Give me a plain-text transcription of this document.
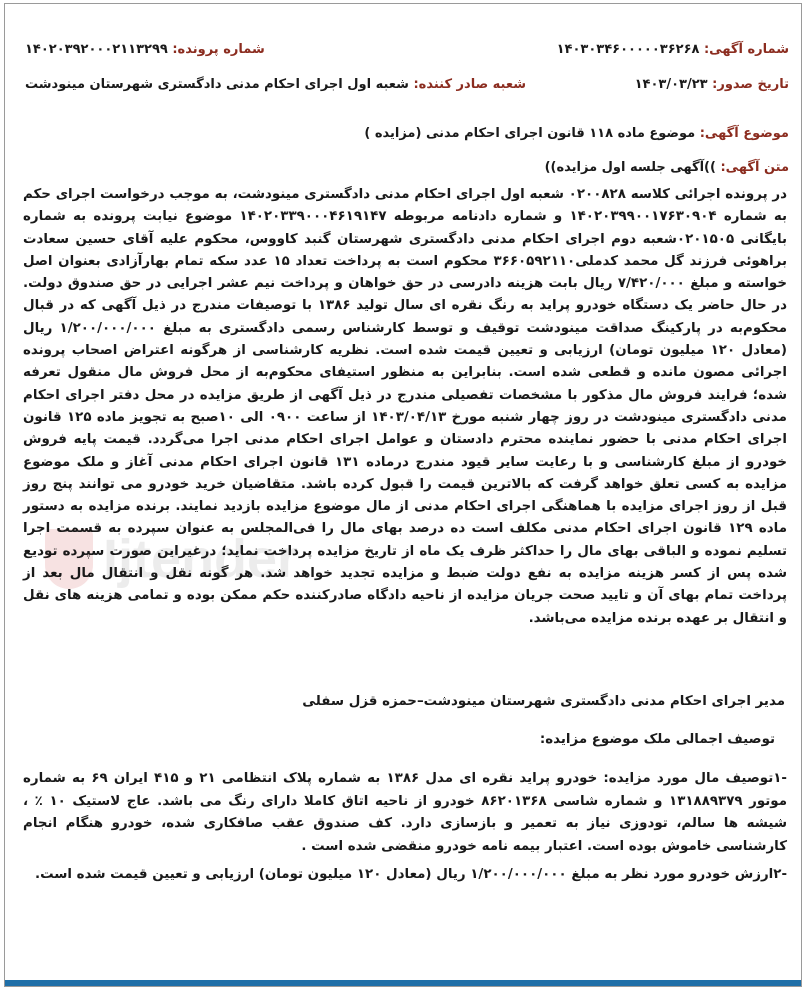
Ijtender
شماره پرونده: ۱۴۰۲۰۳۹۲۰۰۰۲۱۱۳۲۹۹	شماره آگهی: ۱۴۰۳۰۳۴۶۰۰۰۰۰۳۶۲۶۸
شعبه صادر کننده: شعبه اول اجرای احکام مدنی دادگستری شهرستان مینودشت	تاریخ صدور: ۱۴۰۳/۰۳/۲۳
موضوع آگهی: موضوع ماده ۱۱۸ قانون اجرای احکام مدنی (مزایده )
متن آگهی: ))آگهی جلسه اول مزایده))

در پرونده اجرائی کلاسه ۰۲۰۰۸۲۸ شعبه اول اجرای احکام مدنی دادگستری مینودشت، به موجب درخواست اجرای حکم به شماره ۱۴۰۲۰۳۹۹۰۰۱۷۶۳۰۹۰۴ و شماره دادنامه مربوطه ۱۴۰۲۰۳۳۹۰۰۰۴۶۱۹۱۴۷ موضوع نیابت پرونده به شماره بایگانی ۰۲۰۱۵۰۵شعبه دوم اجرای احکام مدنی دادگستری شهرستان گنبد کاووس، محکوم علیه آقای حسین سعادت براهوئی فرزند گل محمد کدملی۳۶۶۰۵۹۲۱۱۰ محکوم است به پرداخت تعداد ۱۵ عدد سکه تمام بهارآزادی بعنوان اصل خواسته و مبلغ ۷/۴۲۰/۰۰۰ ریال بابت هزینه دادرسی در حق خواهان و پرداخت نیم عشر اجرایی در حق صندوق دولت. در حال حاضر یک دستگاه خودرو پراید به رنگ نقره ای سال تولید ۱۳۸۶ با توصیفات مندرج در ذیل آگهی که در قبال محکوم‌به در پارکینگ صداقت مینودشت توقیف و توسط کارشناس رسمی دادگستری به مبلغ ۱/۲۰۰/۰۰۰/۰۰۰ ریال (معادل ۱۲۰ میلیون تومان) ارزیابی و تعیین قیمت شده است. نظریه کارشناسی از هرگونه اعتراض اصحاب پرونده اجرائی مصون مانده و قطعی شده است. بنابراین به منظور استیفای محکوم‌به از محل فروش مال منقول تعرفه شده؛ فرایند فروش مال مذکور با مشخصات تفصیلی مندرج در ذیل آگهی از طریق مزایده در محل دفتر اجرای احکام مدنی دادگستری مینودشت در روز چهار شنبه مورخ ۱۴۰۳/۰۴/۱۳ از ساعت ۰۹۰۰ الی ۱۰صبح به تجویز ماده ۱۲۵ قانون اجرای احکام مدنی با حضور نماینده محترم دادستان و عوامل اجرای احکام مدنی اجرا می‌گردد. قیمت پایه فروش خودرو از مبلغ کارشناسی و با رعایت سایر قیود مندرج درماده ۱۳۱ قانون اجرای احکام مدنی آغاز و ملک موضوع مزایده به کسی تعلق خواهد گرفت که بالاترین قیمت را قبول کرده باشد. متقاضیان خرید خودرو می توانند پنج روز قبل از روز اجرای مزایده با هماهنگی اجرای احکام مدنی از مال موضوع مزایده بازدید نمایند. برنده مزایده به دستور ماده ۱۲۹ قانون اجرای احکام مدنی مکلف است ده درصد بهای مال را فی‌المجلس به عنوان سپرده به قسمت اجرا تسلیم نموده و الباقی بهای مال را حداکثر ظرف یک ماه از تاریخ مزایده پرداخت نماید؛ درغیراین صورت سپرده تودیع شده پس از کسر هزینه مزایده به نفع دولت ضبط و مزایده تجدید خواهد شد. هر گونه نقل و انتقال مال بعد از پرداخت تمام بهای آن و تایید صحت جریان مزایده از ناحیه دادگاه صادرکننده حکم ممکن بوده و تمامی هزینه های نقل و انتقال بر عهده برنده مزایده می‌باشد.

مدیر اجرای احکام مدنی دادگستری شهرستان مینودشت–حمزه قزل سفلی
توصیف اجمالی ملک موضوع مزایده:

-۱توصیف مال مورد مزایده: خودرو پراید نقره ای مدل ۱۳۸۶ به شماره پلاک انتظامی ۲۱ و ۴۱۵ ایران ۶۹ به شماره موتور ۱۳۱۸۸۹۳۷۹ و شماره شاسی ۸۶۲۰۱۳۶۸ خودرو از ناحیه اتاق کاملا دارای رنگ می باشد. عاج لاستیک ۱۰ ٪ ، شیشه ها سالم، تودوزی نیاز به تعمیر و بازسازی دارد. کف صندوق عقب صافکاری شده، خودرو هنگام انجام کارشناسی خاموش بوده است. اعتبار بیمه نامه خودرو منقضی شده است .

-۲ارزش خودرو مورد نظر به مبلغ ۱/۲۰۰/۰۰۰/۰۰۰ ریال (معادل ۱۲۰ میلیون تومان) ارزیابی و تعیین قیمت شده است.
